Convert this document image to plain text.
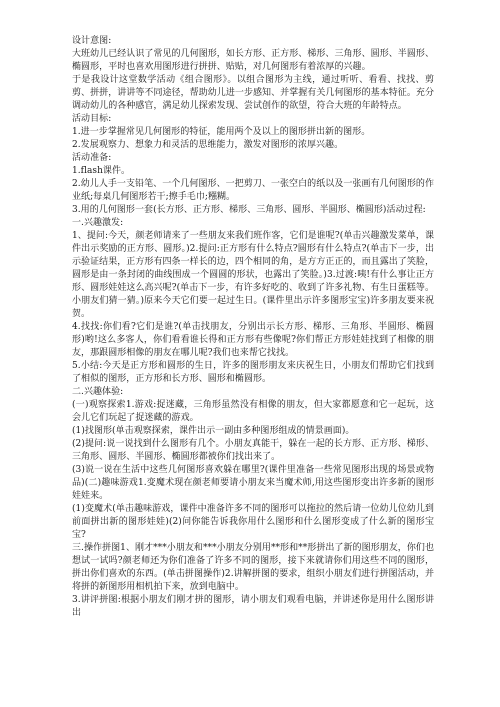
设计意图:

大班幼儿已经认识了常见的几何图形，如长方形、正方形、梯形、三角形、圆形、半圆形、椭圆形，平时也喜欢用图形进行拼拼、贴贴，对几何图形有着浓厚的兴趣。

于是我设计这堂数学活动《组合图形》。以组合图形为主线，通过听听、看看、找找、剪剪、拼拼，讲讲等不同途径，帮助幼儿进一步感知、并掌握有关几何图形的基本特征。充分调动幼儿的各种感官，满足幼儿探索发现、尝试创作的欲望，符合大班的年龄特点。

活动目标:

1.进一步掌握常见几何图形的特征，能用两个及以上的图形拼出新的图形。

2.发展观察力、想象力和灵活的思维能力，激发对图形的浓厚兴趣。

活动准备:

1.flash课件。

2.幼儿人手一支铅笔、一个几何图形、一把剪刀、一张空白的纸以及一张画有几何图形的作业纸;每桌几何图形若干;擦手毛巾;糨糊。

3.用的几何图形一套(长方形、正方形、梯形、三角形、圆形、半圆形、椭圆形)活动过程:

一.兴趣激发:

1、提问:今天，颜老师请来了一些朋友来我们班作客，它们是谁呢?(单击兴趣激发菜单，课件出示奖励的正方形、圆形。)2.提问:正方形有什么特点?圆形有什么特点?(单击下一步，出示验证结果，正方形有四条一样长的边，四个相同的角，是方方正正的，而且露出了笑脸，圆形是由一条封闭的曲线围成一个圆圆的形状，也露出了笑脸。)3.过渡:咦!有什么事让正方形、圆形娃娃这么高兴呢?(单击下一步，有许多好吃的、收到了许多礼物、有生日蛋糕等。小朋友们猜一猜。)原来今天它们要一起过生日。(课件里出示许多图形宝宝)许多朋友要来祝贺。

4.找找:你们看?它们是谁?(单击找朋友，分别出示长方形、梯形、三角形、半圆形、椭圆形)哟!这么多客人，你们看看谁长得和正方形有些像呢?你们帮正方形娃娃找到了相像的朋友，那跟圆形相像的朋友在哪儿呢?我们也来帮它找找。

5.小结:今天是正方形和圆形的生日，许多的图形朋友来庆祝生日，小朋友们帮助它们找到了相似的图形，正方形和长方形、圆形和椭圆形。

二.兴趣体验:

(一)观察探索1.游戏:捉迷藏，三角形虽然没有相像的朋友，但大家都愿意和它一起玩，这会儿它们玩起了捉迷藏的游戏。

(1)找图形(单击观察探索，课件出示一副由多种图形组成的情景画面)。

(2)提问:说一说找到什么图形有几个。小朋友真能干，躲在一起的长方形、正方形、梯形、三角形、圆形、半圆形、椭圆形都被你们找出来了。

(3)说一说在生活中这些几何图形喜欢躲在哪里?(课件里准备一些常见图形出现的场景或物品)(二)趣味游戏1.变魔术现在颜老师要请小朋友来当魔术师,用这些图形变出许多新的图形娃娃来。

(1)变魔术(单击趣味游戏，课件中准备许多不同的图形可以拖拉的然后请一位幼儿位幼儿到前面拼出新的图形娃娃)(2)问你能告诉我你用什么图形和什么图形变成了什么新的图形宝宝?

三.操作拼图1、刚才***小朋友和***小朋友分别用**形和**形拼出了新的图形朋友，你们也想试一试吗?颜老师还为你们准备了许多不同的图形，接下来就请你们用这些不同的图形，拼出你们喜欢的东西。(单击拼图操作)2.讲解拼图的要求，组织小朋友们进行拼图活动，并将拼的新图形用相机拍下来，放到电脑中。

3.讲评拼图:根据小朋友们刚才拼的图形，请小朋友们观看电脑，并讲述你是用什么图形讲出
